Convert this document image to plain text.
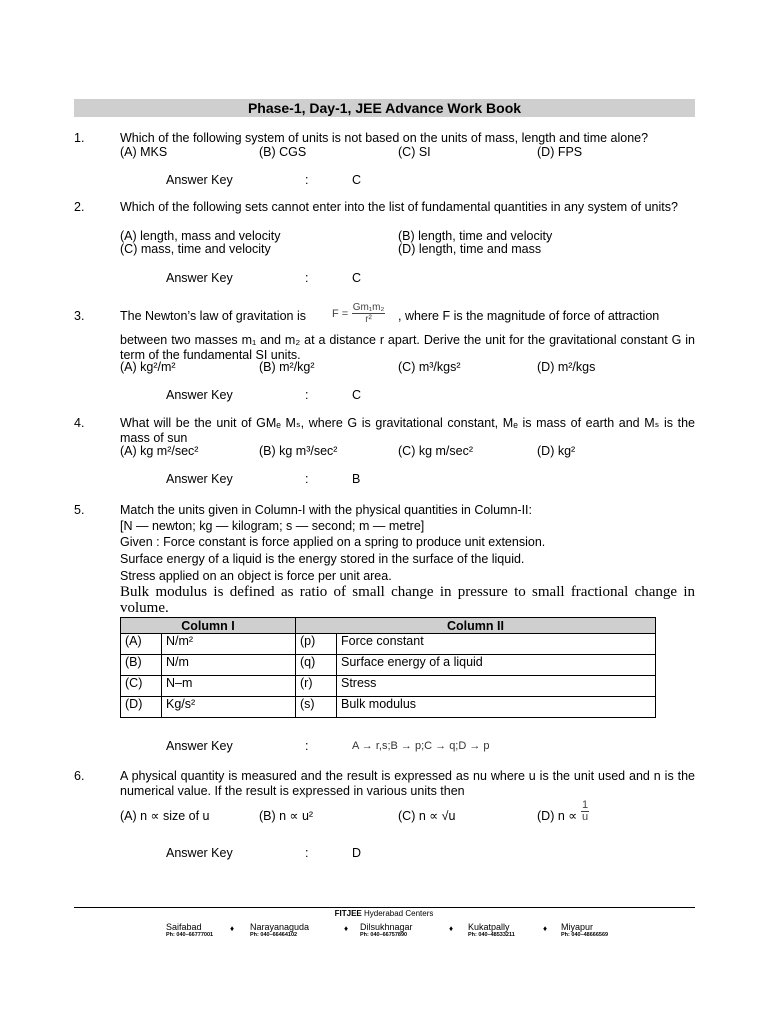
Phase-1, Day-1, JEE Advance Work Book
1.	Which of the following system of units is not based on the units of mass, length and time alone?
(A) MKS	(B) CGS	(C) SI	(D) FPS
Answer Key	:	C
2.	Which of the following sets cannot enter into the list of fundamental quantities in any system of units?
(A) length, mass and velocity	(B) length, time and velocity
(C) mass, time and velocity	(D) length, time and mass
Answer Key	:	C
3.	The Newton’s law of gravitation is $F = \frac{\text{Gm₁m₂}}{\text{r²}}$ , where F is the magnitude of force of attraction
between two masses m₁ and m₂ at a distance r apart. Derive the unit for the gravitational constant G in term of the fundamental SI units.
(A) kg²/m²	(B) m²/kg²	(C) m³/kgs²	(D) m²/kgs
Answer Key	:	C
4.	What will be the unit of GMₑ Mₛ, where G is gravitational constant, Mₑ is mass of earth and Mₛ is the mass of sun
(A) kg m²/sec²	(B) kg m³/sec²	(C) kg m/sec²	(D) kg²
Answer Key	:	B
5.	Match the units given in Column-I with the physical quantities in Column-II:
[N — newton; kg — kilogram; s — second; m — metre]
Given : Force constant is force applied on a spring to produce unit extension.
Surface energy of a liquid is the energy stored in the surface of the liquid.
Stress applied on an object is force per unit area.
Bulk modulus is defined as ratio of small change in pressure to small fractional change in volume.
Column I		Column II	
(A)	N/m²	(p)	Force constant
(B)	N/m	(q)	Surface energy of a liquid
(C)	N–m	(r)	Stress
(D)	Kg/s²	(s)	Bulk modulus
Answer Key	:	A → r,s;B → p;C → q;D → p
6.	A physical quantity is measured and the result is expressed as nu where u is the unit used and n is the numerical value. If the result is expressed in various units then
(A) n ∝ size of u	(B) n ∝ u²	(C) n ∝ √u	(D) $n \propto \frac{1}{u}$
Answer Key	:	D
FITJEE Hyderabad Centers
Saifabad
Ph: 040–66777001
♦ Narayanaguda
Ph: 040–66464102
♦ Dilsukhnagar
Ph: 040–66757890
♦ Kukatpally
Ph: 040–48533211
♦ Miyapur
Ph: 040–48666569
